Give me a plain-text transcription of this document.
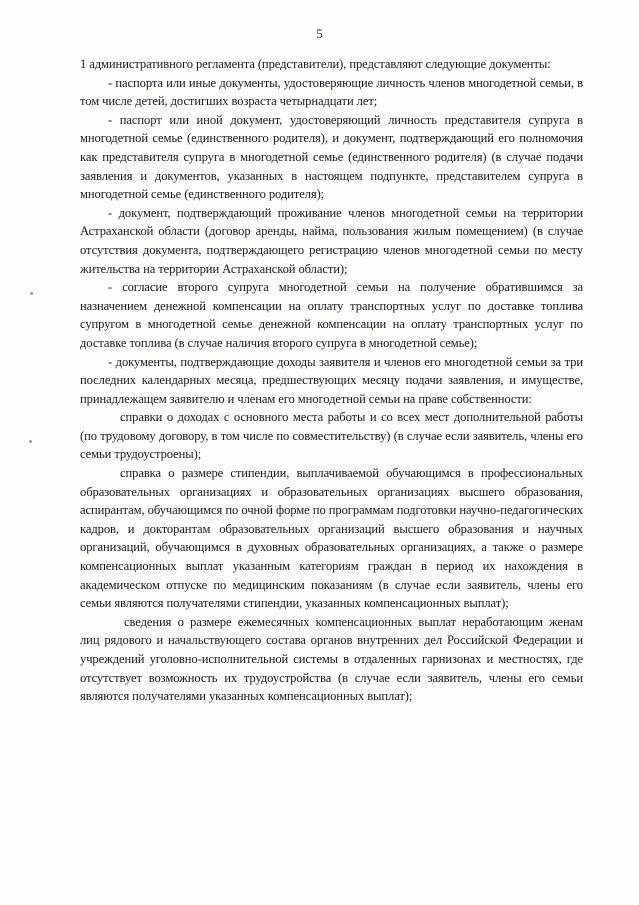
5

1 административного регламента (представители), представляют следующие документы:

- паспорта или иные документы, удостоверяющие личность членов многодетной семьи, в том числе детей, достигших возраста четырнадцати лет;

- паспорт или иной документ, удостоверяющий личность представителя супруга в многодетной семье (единственного родителя), и документ, подтверждающий его полномочия как представителя супруга в многодетной семье (единственного родителя) (в случае подачи заявления и документов, указанных в настоящем подпункте, представителем супруга в многодетной семье (единственного родителя);

- документ, подтверждающий проживание членов многодетной семьи на территории Астраханской области (договор аренды, найма, пользования жилым помещением) (в случае отсутствия документа, подтверждающего регистрацию членов многодетной семьи по месту жительства на территории Астраханской области);

- согласие второго супруга многодетной семьи на получение обратившимся за назначением денежной компенсации на оплату транспортных услуг по доставке топлива супругом в многодетной семье денежной компенсации на оплату транспортных услуг по доставке топлива (в случае наличия второго супруга в многодетной семье);

- документы, подтверждающие доходы заявителя и членов его многодетной семьи за три последних календарных месяца, предшествующих месяцу подачи заявления, и имуществе, принадлежащем заявителю и членам его многодетной семьи на праве собственности:

справки о доходах с основного места работы и со всех мест дополнительной работы (по трудовому договору, в том числе по совместительству) (в случае если заявитель, члены его семьи трудоустроены);

справка о размере стипендии, выплачиваемой обучающимся в профессиональных образовательных организациях и образовательных организациях высшего образования, аспирантам, обучающимся по очной форме по программам подготовки научно-педагогических кадров, и докторантам образовательных организаций высшего образования и научных организаций, обучающимся в духовных образовательных организациях, а также о размере компенсационных выплат указанным категориям граждан в период их нахождения в академическом отпуске по медицинским показаниям (в случае если заявитель, члены его семьи являются получателями стипендии, указанных компенсационных выплат);

сведения о размере ежемесячных компенсационных выплат неработающим женам лиц рядового и начальствующего состава органов внутренних дел Российской Федерации и учреждений уголовно-исполнительной системы в отдаленных гарнизонах и местностях, где отсутствует возможность их трудоустройства (в случае если заявитель, члены его семьи являются получателями указанных компенсационных выплат);
